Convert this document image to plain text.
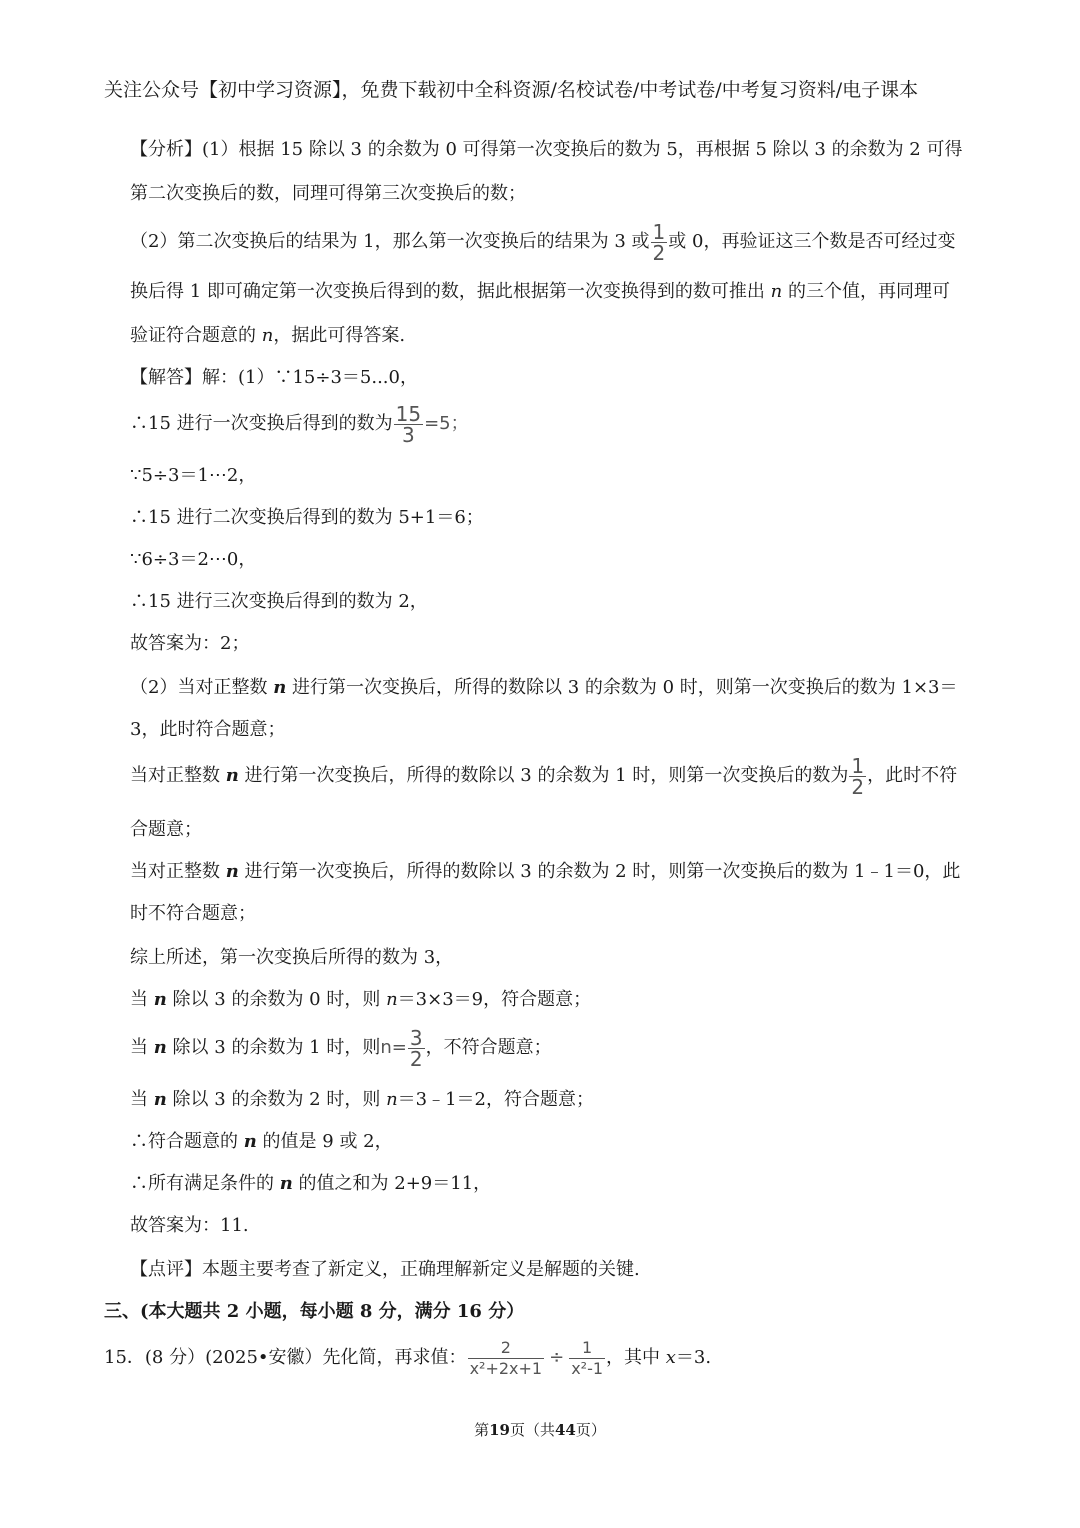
关注公众号【初中学习资源】，免费下载初中全科资源/名校试卷/中考试卷/中考复习资料/电子课本
【分析】(1）根据 15 除以 3 的余数为 0 可得第一次变换后的数为 5，再根据 5 除以 3 的余数为 2 可得
第二次变换后的数，同理可得第三次变换后的数；
（2）第二次变换后的结果为 1，那么第一次变换后的结果为 3 或 $\frac{1}{2}$ 或 0，再验证这三个数是否可经过变
换后得 1 即可确定第一次变换后得到的数，据此根据第一次变换得到的数可推出 n 的三个值，再同理可
验证符合题意的 n，据此可得答案.
【解答】解：(1）∵15÷3＝5...0，
∴15 进行一次变换后得到的数为 $\frac{15}{3} =5$；
∵5÷3＝1⋯2，
∴15 进行二次变换后得到的数为 5+1＝6；
∵6÷3＝2⋯0，
∴15 进行三次变换后得到的数为 2，
故答案为：2；
（2）当对正整数 n 进行第一次变换后，所得的数除以 3 的余数为 0 时，则第一次变换后的数为 1×3＝
3，此时符合题意；
当对正整数 n 进行第一次变换后，所得的数除以 3 的余数为 1 时，则第一次变换后的数为 $\frac{1}{2}$ ，此时不符
合题意；
当对正整数 n 进行第一次变换后，所得的数除以 3 的余数为 2 时，则第一次变换后的数为 1﹣1＝0，此
时不符合题意；
综上所述，第一次变换后所得的数为 3，
当 n 除以 3 的余数为 0 时，则 n＝3×3＝9，符合题意；
当 n 除以 3 的余数为 1 时，则$n= \frac{3}{2}$ ，不符合题意；
当 n 除以 3 的余数为 2 时，则 n＝3﹣1＝2，符合题意；
∴符合题意的 n 的值是 9 或 2，
∴所有满足条件的 n 的值之和为 2+9＝11，
故答案为：11.
【点评】本题主要考查了新定义，正确理解新定义是解题的关键.
三、(本大题共 2 小题，每小题 8 分，满分 16 分）
15．(8 分）(2025•安徽）先化简，再求值： $\frac{2}{\text{x²+2x+1}} \div \frac{1}{\text{x²-1}}$ ，其中 x＝3.
第19页（共44页）
